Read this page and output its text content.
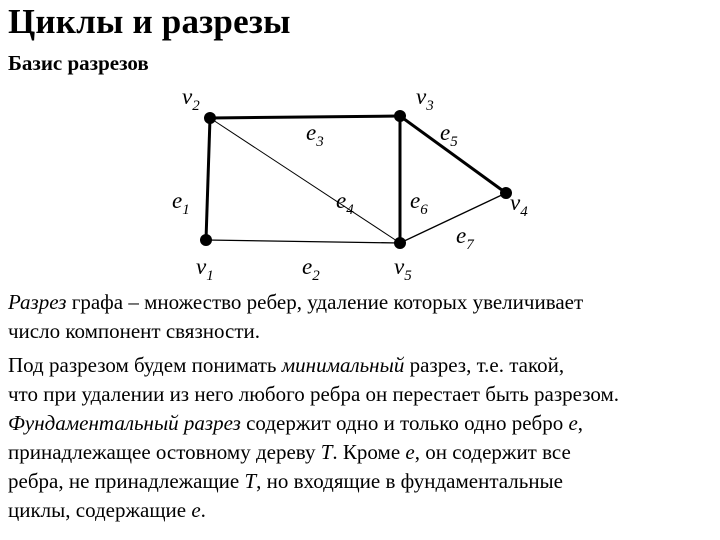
Циклы и разрезы
Базис разрезов
$v_2$	$v_3$
$v_4$
$v_1$	$v_5$
$e_1$
$e_2$
$e_3$
$e_4$
$e_5$
$e_6$
$e_7$
Разрез графа – множество ребер, удаление которых увеличивает
число компонент связности.
Под разрезом будем понимать минимальный разрез, т.е. такой,
что при удалении из него любого ребра он перестает быть разрезом.
Фундаментальный разрез содержит одно и только одно ребро e,
принадлежащее остовному дереву T. Кроме e, он содержит все
ребра, не принадлежащие T, но входящие в фундаментальные
циклы, содержащие e.
